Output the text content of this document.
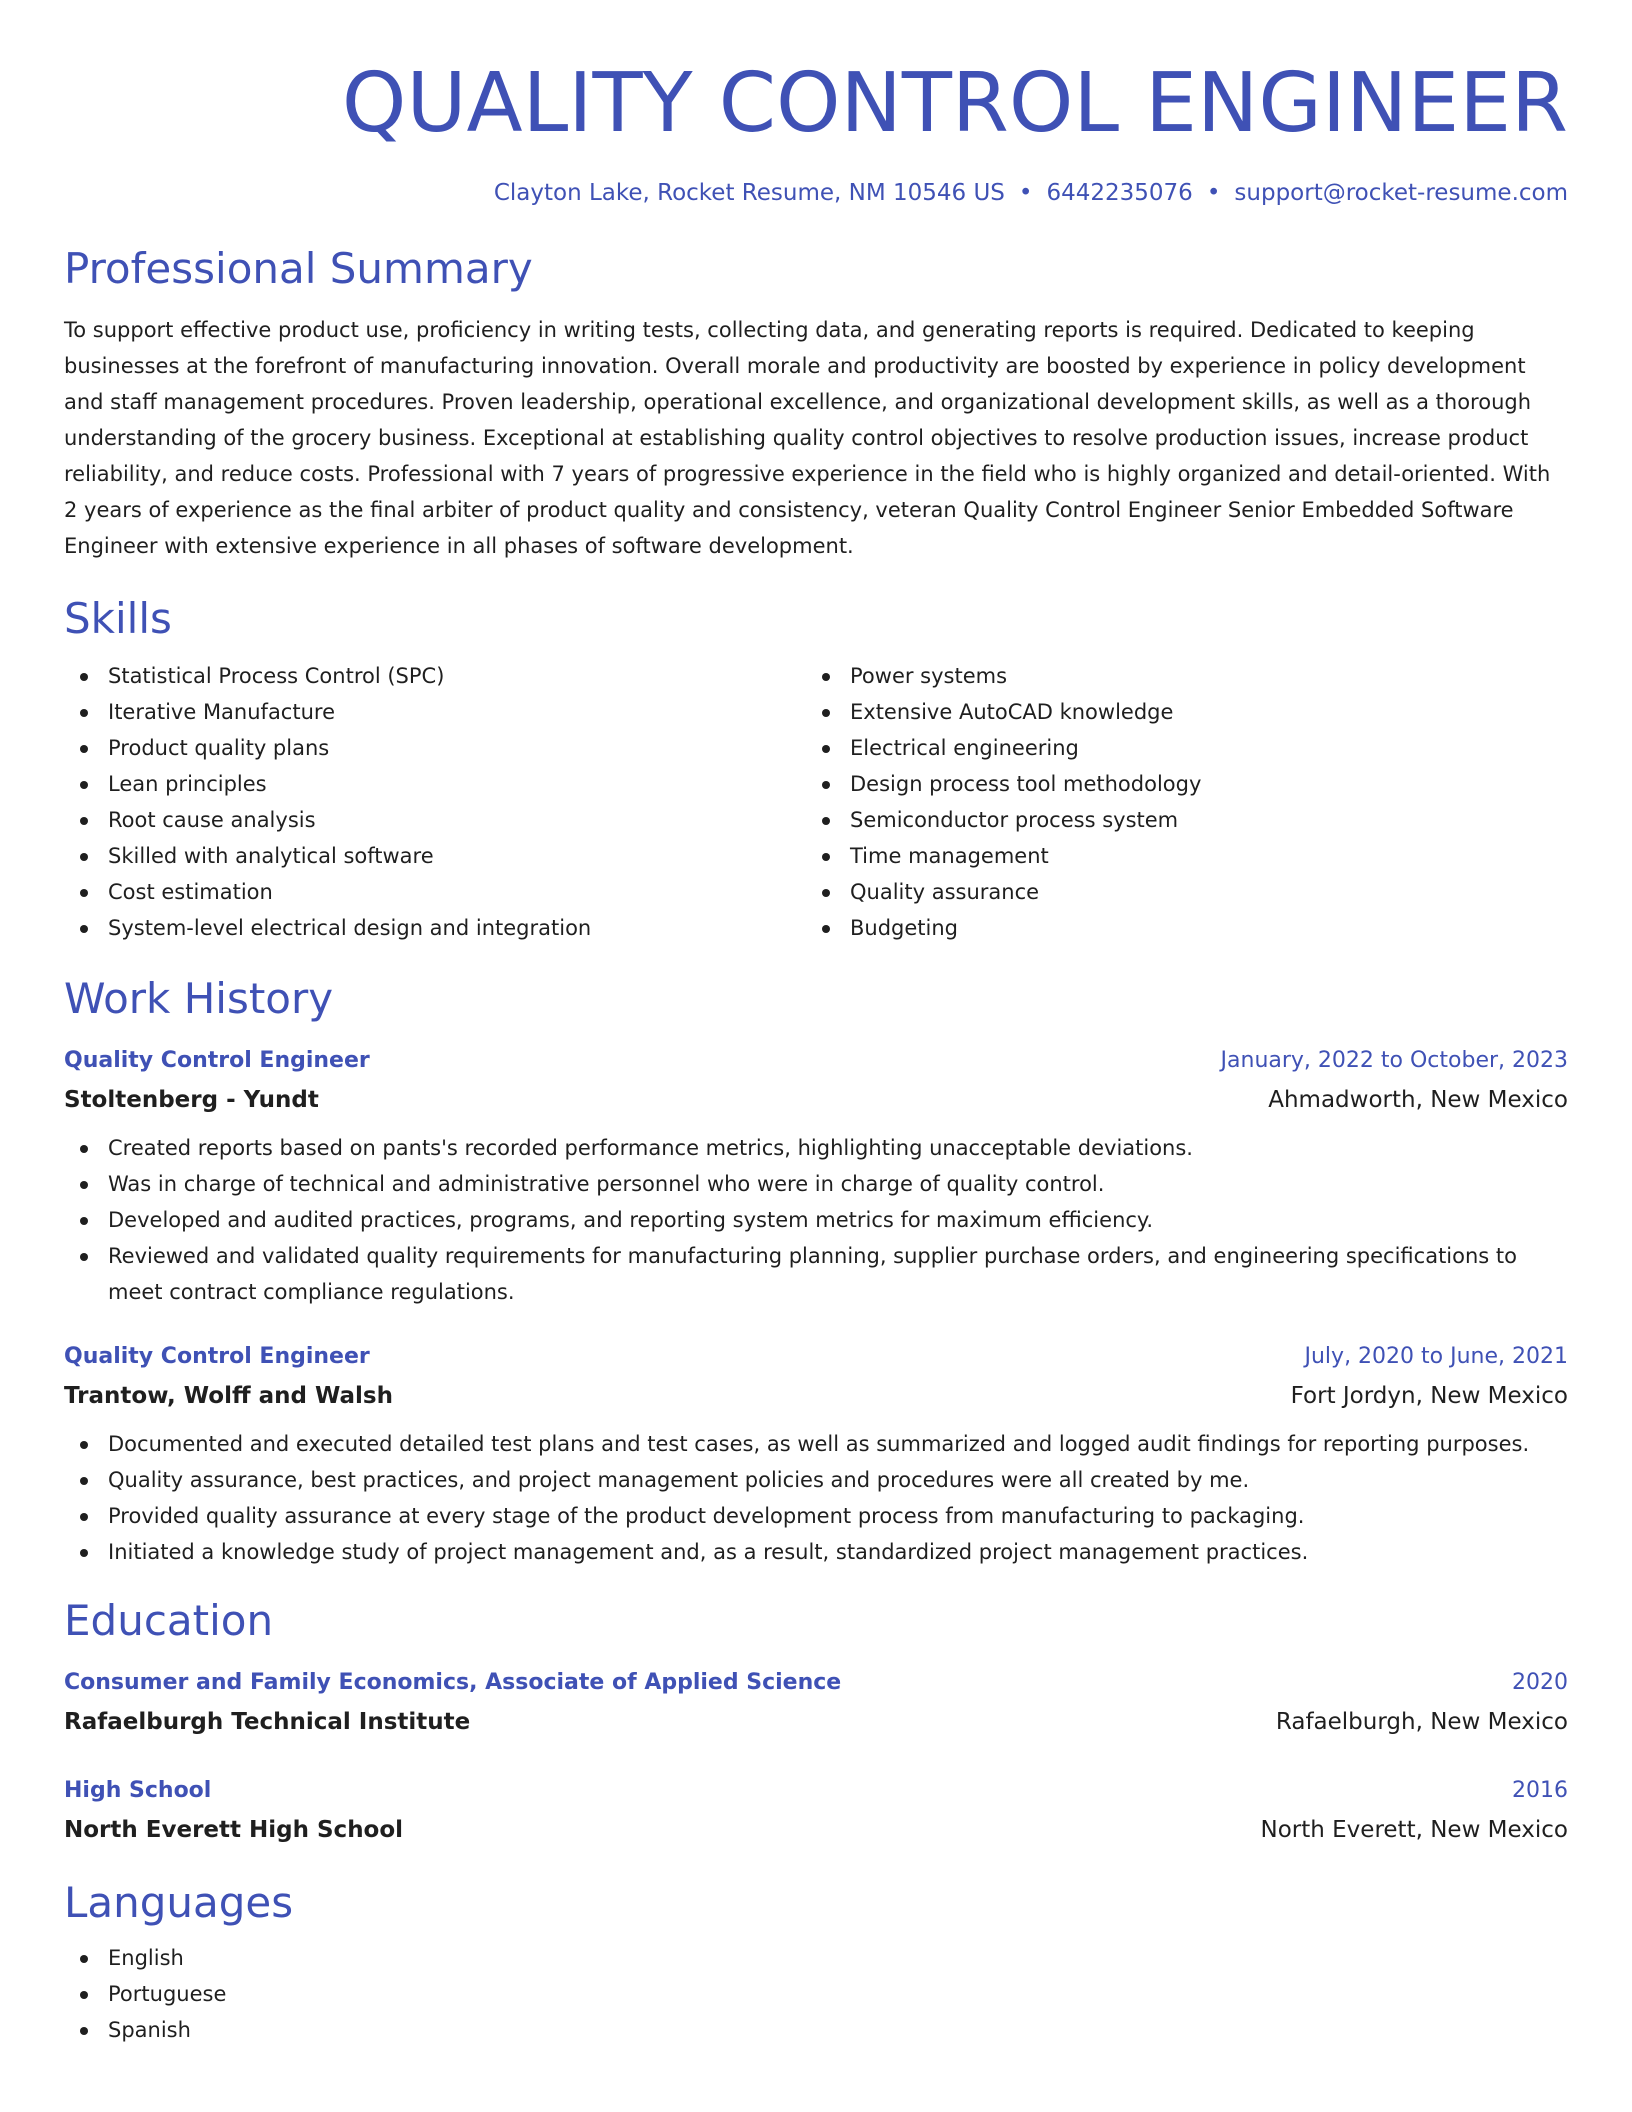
QUALITY CONTROL ENGINEER
Clayton Lake, Rocket Resume, NM 10546 US • 6442235076 • support@rocket-resume.com
Professional Summary

To support effective product use, proficiency in writing tests, collecting data, and generating reports is required. Dedicated to keeping businesses at the forefront of manufacturing innovation. Overall morale and productivity are boosted by experience in policy development and staff management procedures. Proven leadership, operational excellence, and organizational development skills, as well as a thorough understanding of the grocery business. Exceptional at establishing quality control objectives to resolve production issues, increase product reliability, and reduce costs. Professional with 7 years of progressive experience in the field who is highly organized and detail-oriented. With 2 years of experience as the final arbiter of product quality and consistency, veteran Quality Control Engineer Senior Embedded Software Engineer with extensive experience in all phases of software development.

Skills
Statistical Process Control (SPC)
Iterative Manufacture
Product quality plans
Lean principles
Root cause analysis
Skilled with analytical software
Cost estimation
System-level electrical design and integration
Power systems
Extensive AutoCAD knowledge
Electrical engineering
Design process tool methodology
Semiconductor process system
Time management
Quality assurance
Budgeting
Work History
Quality Control Engineer	January, 2022 to October, 2023
Stoltenberg - Yundt	Ahmadworth, New Mexico
Created reports based on pants's recorded performance metrics, highlighting unacceptable deviations.
Was in charge of technical and administrative personnel who were in charge of quality control.
Developed and audited practices, programs, and reporting system metrics for maximum efficiency.
Reviewed and validated quality requirements for manufacturing planning, supplier purchase orders, and engineering specifications to meet contract compliance regulations.
Quality Control Engineer	July, 2020 to June, 2021
Trantow, Wolff and Walsh	Fort Jordyn, New Mexico
Documented and executed detailed test plans and test cases, as well as summarized and logged audit findings for reporting purposes.
Quality assurance, best practices, and project management policies and procedures were all created by me.
Provided quality assurance at every stage of the product development process from manufacturing to packaging.
Initiated a knowledge study of project management and, as a result, standardized project management practices.
Education
Consumer and Family Economics, Associate of Applied Science	2020
Rafaelburgh Technical Institute	Rafaelburgh, New Mexico
High School	2016
North Everett High School	North Everett, New Mexico
Languages
English
Portuguese
Spanish
